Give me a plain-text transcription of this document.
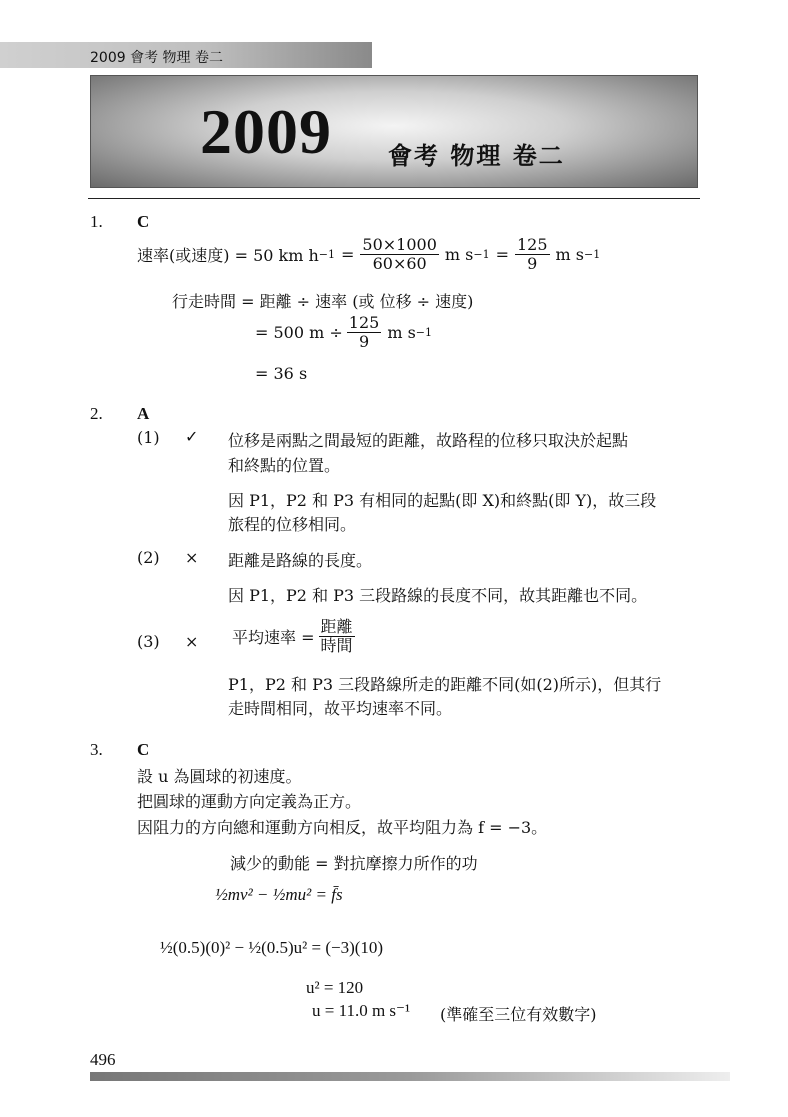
2009 會考 物理 卷二
2009 會考 物理 卷二
1. C
速率(或速度) = 50 km $h -1 = \frac{50\times 1000}{60\times 60}$ m $s -1 = \frac{125}{9}$ m s −1
行走時間 = 距離 ÷ 速率 (或 位移 ÷ 速度)
= 500 $m \div \frac{125}{9}$ m s −1
= 36 s
2. A
(1) ✓ 位移是兩點之間最短的距離，故路程的位移只取決於起點
和終點的位置。
因 P1，P2 和 P3 有相同的起點(即 X)和終點(即 Y)，故三段
旅程的位移相同。
(2) × 距離是路線的長度。
因 P1，P2 和 P3 三段路線的長度不同，故其距離也不同。
(3) × 平均速率 = $\frac{\text{距離}}{\text{時間}}$
P1，P2 和 P3 三段路線所走的距離不同(如(2)所示)，但其行
走時間相同，故平均速率不同。
3. C
設 u 為圓球的初速度。
把圓球的運動方向定義為正方。
因阻力的方向總和運動方向相反，故平均阻力為 f = −3。
減少的動能 = 對抗摩擦力所作的功
½mv² − ½mu² = f̄s
½(0.5)(0)² − ½(0.5)u² = (−3)(10)
u² = 120
u = 11.0 m s⁻¹ (準確至三位有效數字)
496
